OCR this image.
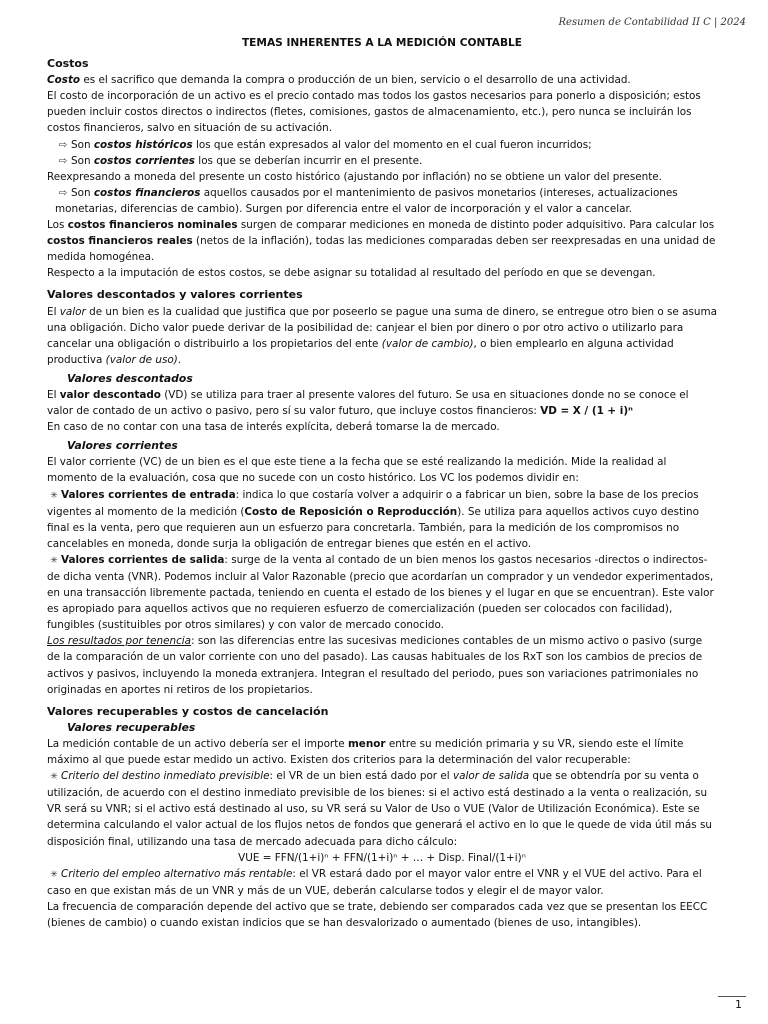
Resumen de Contabilidad II C | 2024

TEMAS INHERENTES A LA MEDICIÓN CONTABLE

Costos

Costo es el sacrifico que demanda la compra o producción de un bien, servicio o el desarrollo de una actividad.

El costo de incorporación de un activo es el precio contado mas todos los gastos necesarios para ponerlo a disposición; estos pueden incluir costos directos o indirectos (fletes, comisiones, gastos de almacenamiento, etc.), pero nunca se incluirán los costos financieros, salvo en situación de su activación.

⇨ Son costos históricos los que están expresados al valor del momento en el cual fueron incurridos;

⇨ Son costos corrientes los que se deberían incurrir en el presente.

Reexpresando a moneda del presente un costo histórico (ajustando por inflación) no se obtiene un valor del presente.

⇨ Son costos financieros aquellos causados por el mantenimiento de pasivos monetarios (intereses, actualizaciones monetarias, diferencias de cambio). Surgen por diferencia entre el valor de incorporación y el valor a cancelar.

Los costos financieros nominales surgen de comparar mediciones en moneda de distinto poder adquisitivo. Para calcular los costos financieros reales (netos de la inflación), todas las mediciones comparadas deben ser reexpresadas en una unidad de medida homogénea.

Respecto a la imputación de estos costos, se debe asignar su totalidad al resultado del período en que se devengan.

Valores descontados y valores corrientes

El valor de un bien es la cualidad que justifica que por poseerlo se pague una suma de dinero, se entregue otro bien o se asuma una obligación. Dicho valor puede derivar de la posibilidad de: canjear el bien por dinero o por otro activo o utilizarlo para cancelar una obligación o distribuirlo a los propietarios del ente (valor de cambio), o bien emplearlo en alguna actividad productiva (valor de uso).

Valores descontados

El valor descontado (VD) se utiliza para traer al presente valores del futuro. Se usa en situaciones donde no se conoce el valor de contado de un activo o pasivo, pero sí su valor futuro, que incluye costos financieros: VD = X / (1 + i)ⁿ

En caso de no contar con una tasa de interés explícita, deberá tomarse la de mercado.

Valores corrientes

El valor corriente (VC) de un bien es el que este tiene a la fecha que se esté realizando la medición. Mide la realidad al momento de la evaluación, cosa que no sucede con un costo histórico. Los VC los podemos dividir en:

✳ Valores corrientes de entrada: indica lo que costaría volver a adquirir o a fabricar un bien, sobre la base de los precios vigentes al momento de la medición (Costo de Reposición o Reproducción). Se utiliza para aquellos activos cuyo destino final es la venta, pero que requieren aun un esfuerzo para concretarla. También, para la medición de los compromisos no cancelables en moneda, donde surja la obligación de entregar bienes que estén en el activo.

✳ Valores corrientes de salida: surge de la venta al contado de un bien menos los gastos necesarios -directos o indirectos- de dicha venta (VNR). Podemos incluir al Valor Razonable (precio que acordarían un comprador y un vendedor experimentados, en una transacción libremente pactada, teniendo en cuenta el estado de los bienes y el lugar en que se encuentran). Este valor es apropiado para aquellos activos que no requieren esfuerzo de comercialización (pueden ser colocados con facilidad), fungibles (sustituibles por otros similares) y con valor de mercado conocido.

Los resultados por tenencia: son las diferencias entre las sucesivas mediciones contables de un mismo activo o pasivo (surge de la comparación de un valor corriente con uno del pasado). Las causas habituales de los RxT son los cambios de precios de activos y pasivos, incluyendo la moneda extranjera. Integran el resultado del periodo, pues son variaciones patrimoniales no originadas en aportes ni retiros de los propietarios.

Valores recuperables y costos de cancelación

Valores recuperables

La medición contable de un activo debería ser el importe menor entre su medición primaria y su VR, siendo este el límite máximo al que puede estar medido un activo. Existen dos criterios para la determinación del valor recuperable:

✳ Criterio del destino inmediato previsible: el VR de un bien está dado por el valor de salida que se obtendría por su venta o utilización, de acuerdo con el destino inmediato previsible de los bienes: si el activo está destinado a la venta o realización, su VR será su VNR; si el activo está destinado al uso, su VR será su Valor de Uso o VUE (Valor de Utilización Económica). Este se determina calculando el valor actual de los flujos netos de fondos que generará el activo en lo que le quede de vida útil más su disposición final, utilizando una tasa de mercado adecuada para dicho cálculo:

VUE = FFN/(1+i)ⁿ + FFN/(1+i)ⁿ + … + Disp. Final/(1+i)ⁿ

✳ Criterio del empleo alternativo más rentable: el VR estará dado por el mayor valor entre el VNR y el VUE del activo. Para el caso en que existan más de un VNR y más de un VUE, deberán calcularse todos y elegir el de mayor valor.

La frecuencia de comparación depende del activo que se trate, debiendo ser comparados cada vez que se presentan los EECC (bienes de cambio) o cuando existan indicios que se han desvalorizado o aumentado (bienes de uso, intangibles).

1
